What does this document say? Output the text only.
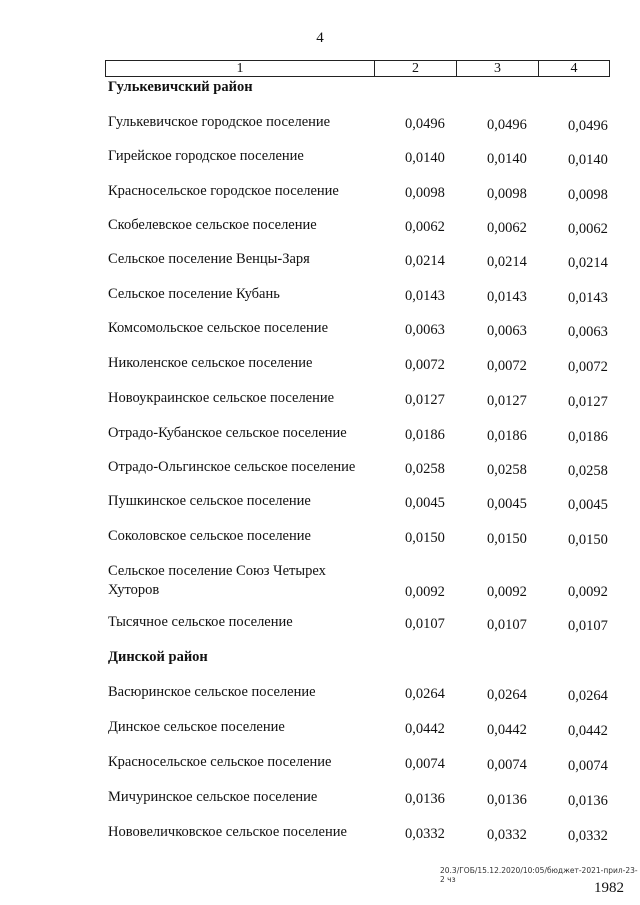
4
1	2	3	4
Гулькевичский район
Гулькевичское городское поселение	0,0496	0,0496	0,0496
Гирейское городское поселение	0,0140	0,0140	0,0140
Красносельское городское поселение	0,0098	0,0098	0,0098
Скобелевское сельское поселение	0,0062	0,0062	0,0062
Сельское поселение Венцы-Заря	0,0214	0,0214	0,0214
Сельское поселение Кубань	0,0143	0,0143	0,0143
Комсомольское сельское поселение	0,0063	0,0063	0,0063
Николенское сельское поселение	0,0072	0,0072	0,0072
Новоукраинское сельское поселение	0,0127	0,0127	0,0127
Отрадо-Кубанское сельское поселение	0,0186	0,0186	0,0186
Отрадо-Ольгинское сельское поселение	0,0258	0,0258	0,0258
Пушкинское сельское поселение	0,0045	0,0045	0,0045
Соколовское сельское поселение	0,0150	0,0150	0,0150
Сельское поселение Союз Четырех Хуторов	0,0092	0,0092	0,0092
Тысячное сельское поселение	0,0107	0,0107	0,0107
Динской район
Васюринское сельское поселение	0,0264	0,0264	0,0264
Динское сельское поселение	0,0442	0,0442	0,0442
Красносельское сельское поселение	0,0074	0,0074	0,0074
Мичуринское сельское поселение	0,0136	0,0136	0,0136
Нововеличковское сельское поселение	0,0332	0,0332	0,0332
20.3/ГОБ/15.12.2020/10:05/бюджет-2021-прил-23-2 чз
1982
